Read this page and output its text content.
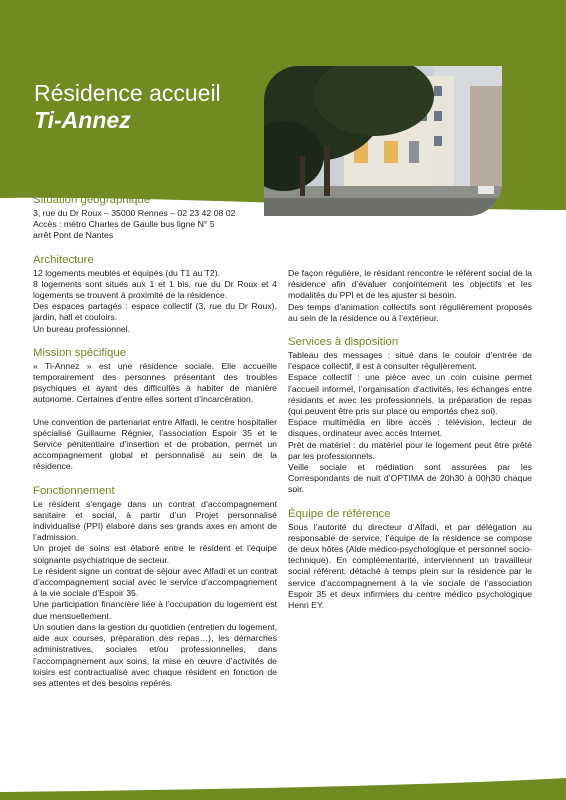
Résidence accueil
Ti-Annez
Situation géographique

3, rue du Dr Roux – 35000 Rennes – 02 23 42 08 02

Accès : métro Charles de Gaulle bus ligne N° 5

arrêt Pont de Nantes

Architecture

12 logements meublés et équipés (du T1 au T2).

8 logements sont situés aux 1 et 1 bis, rue du Dr Roux et 4 logements se trouvent à proximité de la résidence.

Des espaces partagés : espace collectif (3, rue du Dr Roux), jardin, hall et couloirs.

Un bureau professionnel.

Mission spécifique

« Ti-Annez » est une résidence sociale. Elle accueille temporairement des personnes présentant des troubles psychiques et ayant des difficultés à habiter de manière autonome. Certaines d’entre elles sortent d’incarcération.

Une convention de partenariat entre Alfadi, le centre hospitalier spécialisé Guillaume Régnier, l’association Espoir 35 et le Service pénitentiaire d’insertion et de probation, permet un accompagnement global et personnalisé au sein de la résidence.

Fonctionnement

Le résident s’engage dans un contrat d’accompagnement sanitaire et social, à partir d’un Projet personnalisé individualisé (PPI) élaboré dans ses grands axes en amont de l’admission.

Un projet de soins est élaboré entre le résident et l’équipe soignante psychiatrique de secteur.

Le résident signe un contrat de séjour avec Alfadi et un contrat d’accompagnement social avec le service d’accompagnement à la vie sociale d’Espoir 35.

Une participation financière liée à l’occupation du logement est due mensuellement.

Un soutien dans la gestion du quotidien (entretien du logement, aide aux courses, préparation des repas…), les démarches administratives, sociales et/ou professionnelles, dans l’accompagnement aux soins, la mise en œuvre d’activités de loisirs est contractualisé avec chaque résident en fonction de ses attentes et des besoins repérés.

De façon régulière, le résidant rencontre le référent social de la résidence afin d’évaluer conjointement les objectifs et les modalités du PPI et de les ajuster si besoin.

Des temps d’animation collectifs sont régulièrement proposés au sein de la résidence ou à l’extérieur.

Services à disposition

Tableau des messages : situé dans le couloir d’entrée de l’espace collectif, il est à consulter régulièrement.

Espace collectif : une pièce avec un coin cuisine permet l’accueil informel, l’organisation d’activités, les échanges entre résidants et avec les professionnels, la préparation de repas (qui peuvent être pris sur place ou emportés chez soi).

Espace multimédia en libre accès : télévision, lecteur de disques, ordinateur avec accès Internet.

Prêt de matériel : du matériel pour le logement peut être prêté par les professionnels.

Veille sociale et médiation sont assurées par les Correspondants de nuit d’OPTIMA de 20h30 à 00h30 chaque soir.

Équipe de référence

Sous l’autorité du directeur d’Alfadi, et par délégation au responsable de service, l’équipe de la résidence se compose de deux hôtes (Aide médico-psychologique et personnel socio-technique). En complémentarité, interviennent un travailleur social référent, détaché à temps plein sur la résidence par le service d’accompagnement à la vie sociale de l’association Espoir 35 et deux infirmiers du centre médico psychologique Henri EY.
